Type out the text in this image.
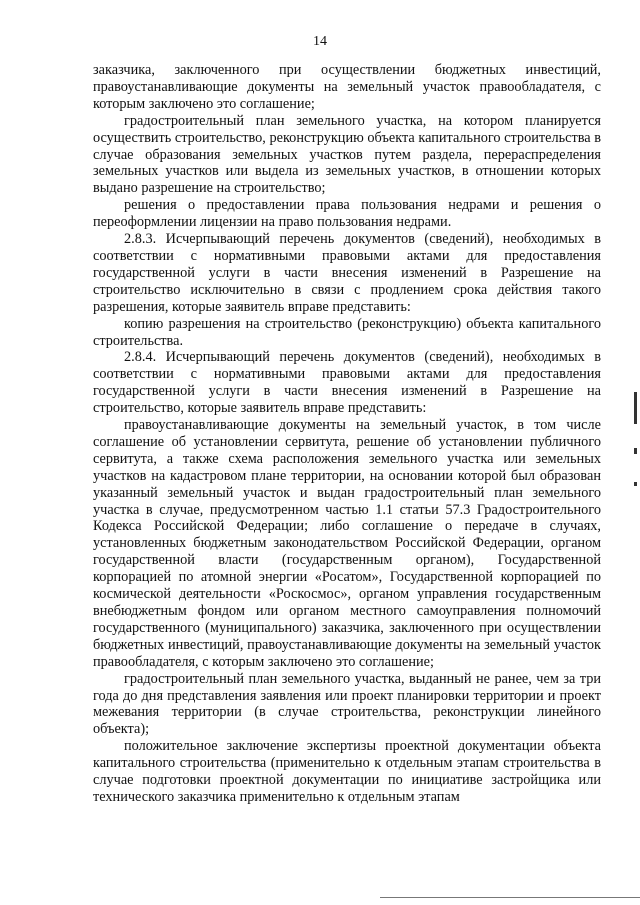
14

заказчика, заключенного при осуществлении бюджетных инвестиций, правоустанавливающие документы на земельный участок правообладателя, с которым заключено это соглашение;

градостроительный план земельного участка, на котором планируется осуществить строительство, реконструкцию объекта капитального строительства в случае образования земельных участков путем раздела, перераспределения земельных участков или выдела из земельных участков, в отношении которых выдано разрешение на строительство;

решения о предоставлении права пользования недрами и решения о переоформлении лицензии на право пользования недрами.

2.8.3. Исчерпывающий перечень документов (сведений), необходимых в соответствии с нормативными правовыми актами для предоставления государственной услуги в части внесения изменений в Разрешение на строительство исключительно в связи с продлением срока действия такого разрешения, которые заявитель вправе представить:

копию разрешения на строительство (реконструкцию) объекта капитального строительства.

2.8.4. Исчерпывающий перечень документов (сведений), необходимых в соответствии с нормативными правовыми актами для предоставления государственной услуги в части внесения изменений в Разрешение на строительство, которые заявитель вправе представить:

правоустанавливающие документы на земельный участок, в том числе соглашение об установлении сервитута, решение об установлении публичного сервитута, а также схема расположения земельного участка или земельных участков на кадастровом плане территории, на основании которой был образован указанный земельный участок и выдан градостроительный план земельного участка в случае, предусмотренном частью 1.1 статьи 57.3 Градостроительного Кодекса Российской Федерации; либо соглашение о передаче в случаях, установленных бюджетным законодательством Российской Федерации, органом государственной власти (государственным органом), Государственной корпорацией по атомной энергии «Росатом», Государственной корпорацией по космической деятельности «Роскосмос», органом управления государственным внебюджетным фондом или органом местного самоуправления полномочий государственного (муниципального) заказчика, заключенного при осуществлении бюджетных инвестиций, правоустанавливающие документы на земельный участок правообладателя, с которым заключено это соглашение;

градостроительный план земельного участка, выданный не ранее, чем за три года до дня представления заявления или проект планировки территории и проект межевания территории (в случае строительства, реконструкции линейного объекта);

положительное заключение экспертизы проектной документации объекта капитального строительства (применительно к отдельным этапам строительства в случае подготовки проектной документации по инициативе застройщика или технического заказчика применительно к отдельным этапам
